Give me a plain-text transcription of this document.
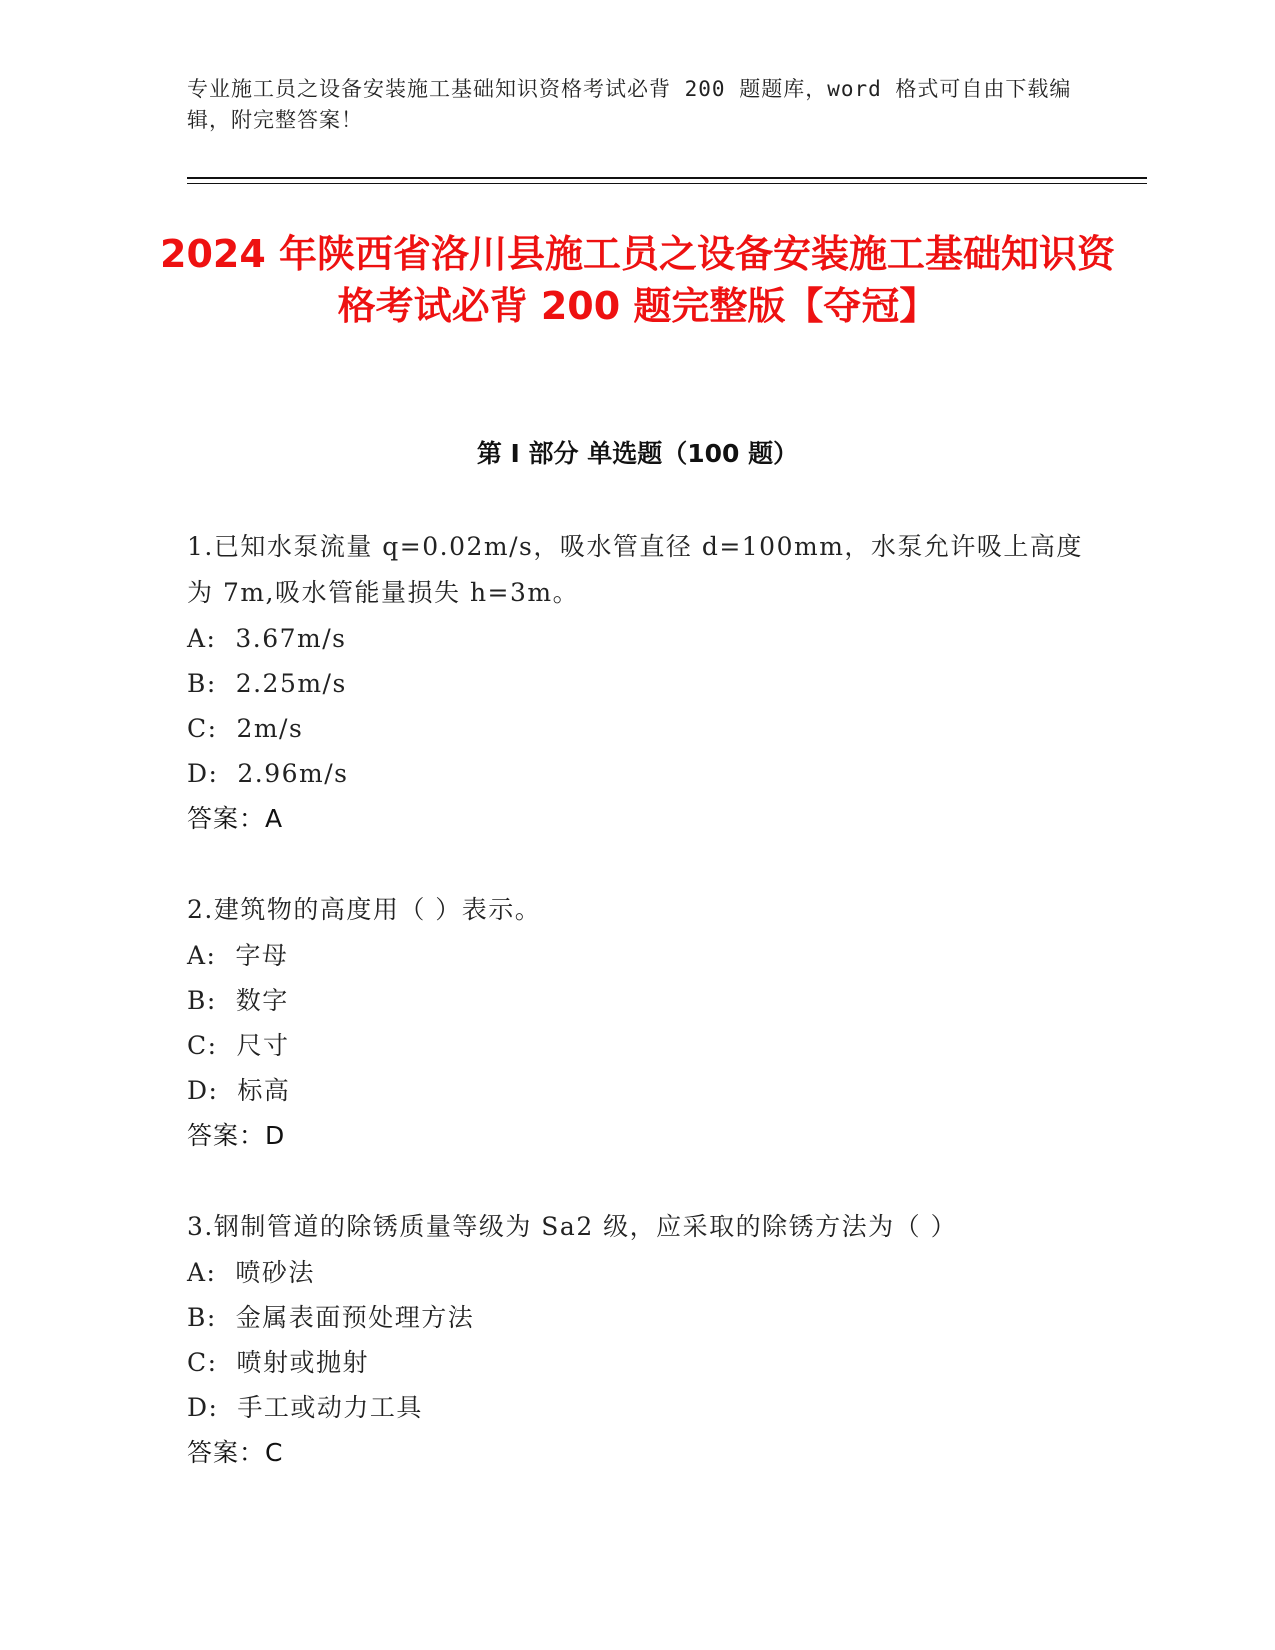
专业施工员之设备安装施工基础知识资格考试必背 200 题题库，word 格式可自由下载编辑，附完整答案！
2024 年陕西省洛川县施工员之设备安装施工基础知识资格考试必背 200 题完整版【夺冠】
第 I 部分 单选题（100 题）
1.已知水泵流量 q=0.02m/s，吸水管直径 d=100mm，水泵允许吸上高度为 7m,吸水管能量损失 h=3m。
A:  3.67m/s
B:  2.25m/s
C:  2m/s
D:  2.96m/s
答案：A
2.建筑物的高度用（ ）表示。
A:  字母
B:  数字
C:  尺寸
D:  标高
答案：D
3.钢制管道的除锈质量等级为 Sa2 级，应采取的除锈方法为（ ）
A:  喷砂法
B:  金属表面预处理方法
C:  喷射或抛射
D:  手工或动力工具
答案：C
